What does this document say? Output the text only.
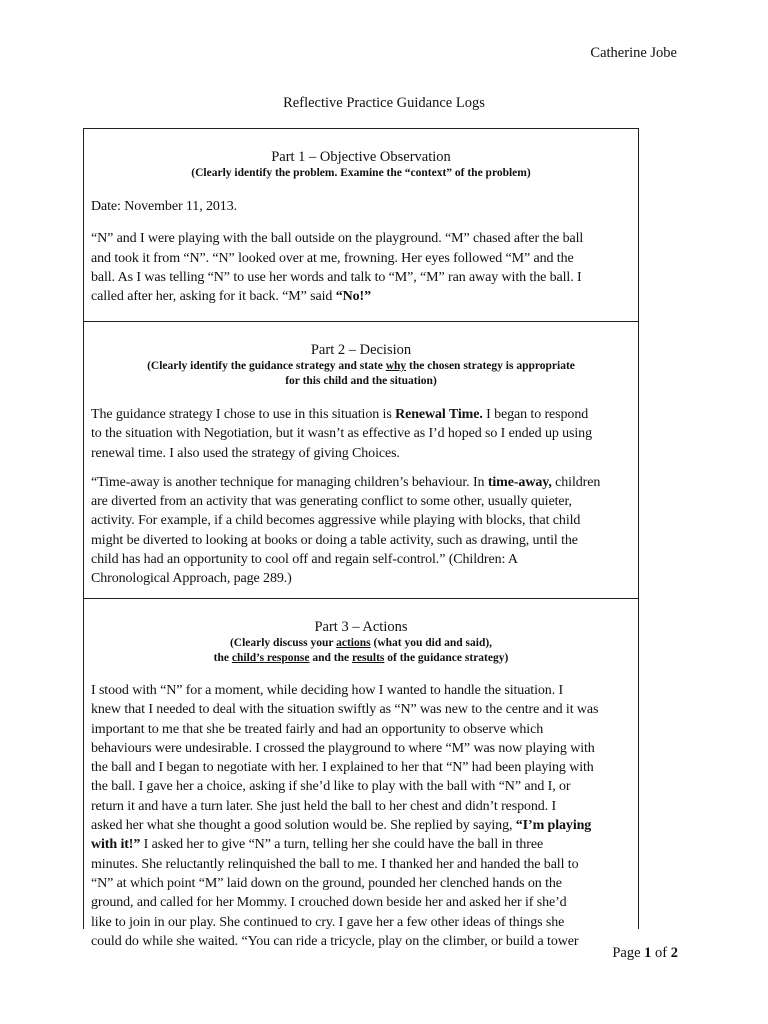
Catherine Jobe
Reflective Practice Guidance Logs

Part 1 – Objective Observation

(Clearly identify the problem. Examine the “context” of the problem)

Date: November 11, 2013.

“N” and I were playing with the ball outside on the playground. “M” chased after the ball
and took it from “N”. “N” looked over at me, frowning. Her eyes followed “M” and the
ball. As I was telling “N” to use her words and talk to “M”, “M” ran away with the ball. I
called after her, asking for it back. “M” said “No!”

Part 2 – Decision

(Clearly identify the guidance strategy and state why the chosen strategy is appropriate

for this child and the situation)

The guidance strategy I chose to use in this situation is Renewal Time. I began to respond
to the situation with Negotiation, but it wasn’t as effective as I’d hoped so I ended up using
renewal time. I also used the strategy of giving Choices.

“Time-away is another technique for managing children’s behaviour. In time-away, children
are diverted from an activity that was generating conflict to some other, usually quieter,
activity. For example, if a child becomes aggressive while playing with blocks, that child
might be diverted to looking at books or doing a table activity, such as drawing, until the
child has had an opportunity to cool off and regain self-control.” (Children: A
Chronological Approach, page 289.)

Part 3 – Actions

(Clearly discuss your actions (what you did and said),

the child’s response and the results of the guidance strategy)

I stood with “N” for a moment, while deciding how I wanted to handle the situation. I
knew that I needed to deal with the situation swiftly as “N” was new to the centre and it was
important to me that she be treated fairly and had an opportunity to observe which
behaviours were undesirable. I crossed the playground to where “M” was now playing with
the ball and I began to negotiate with her. I explained to her that “N” had been playing with
the ball. I gave her a choice, asking if she’d like to play with the ball with “N” and I, or
return it and have a turn later. She just held the ball to her chest and didn’t respond. I
asked her what she thought a good solution would be. She replied by saying, “I’m playing
with it!” I asked her to give “N” a turn, telling her she could have the ball in three
minutes. She reluctantly relinquished the ball to me. I thanked her and handed the ball to
“N” at which point “M” laid down on the ground, pounded her clenched hands on the
ground, and called for her Mommy. I crouched down beside her and asked her if she’d
like to join in our play. She continued to cry. I gave her a few other ideas of things she
could do while she waited. “You can ride a tricycle, play on the climber, or build a tower

Page 1 of 2
